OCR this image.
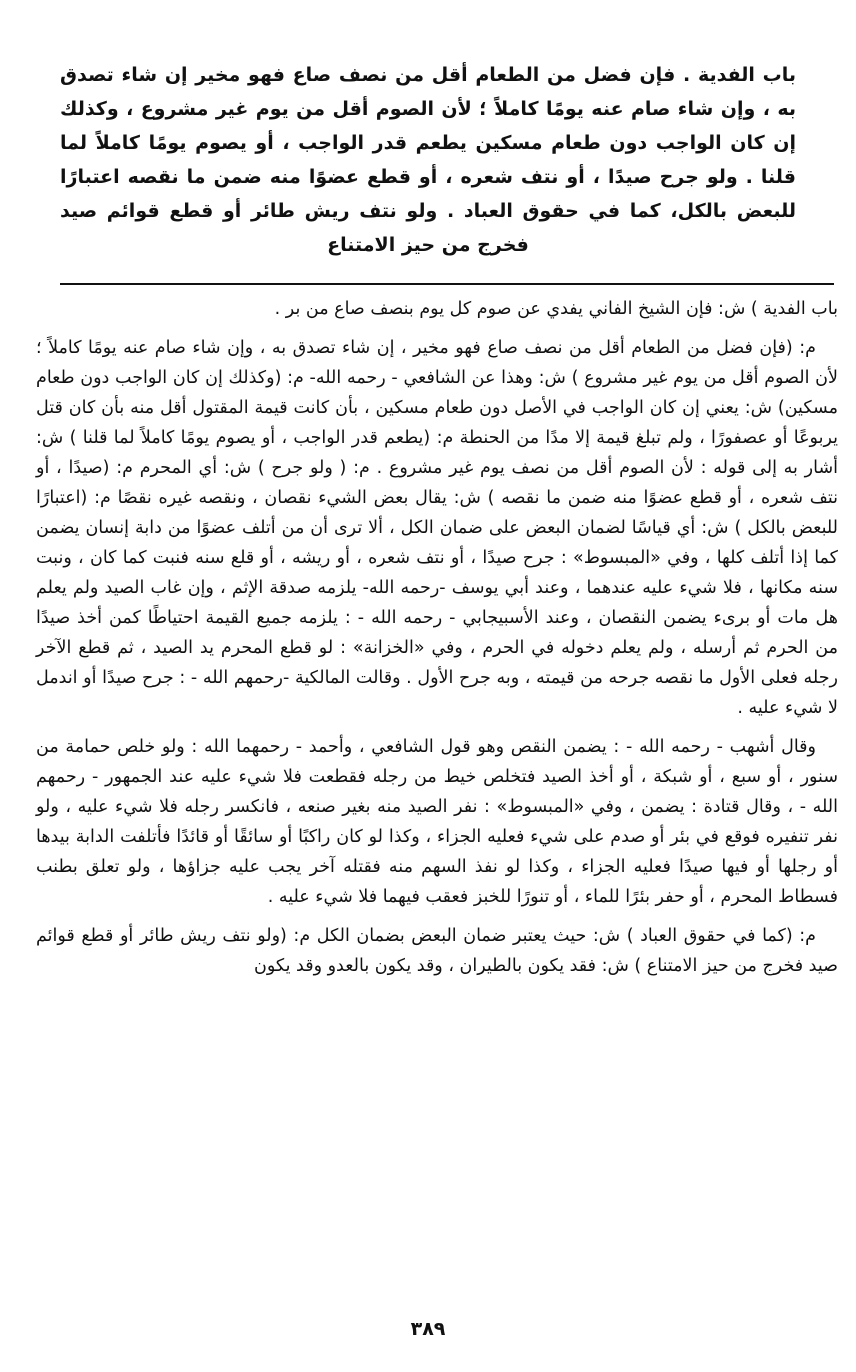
باب الفدية . فإن فضل من الطعام أقل من نصف صاع فهو مخير إن شاء تصدق به ، وإن شاء صام عنه يومًا كاملاً ؛ لأن الصوم أقل من يوم غير مشروع ، وكذلك إن كان الواجب دون طعام مسكين يطعم قدر الواجب ، أو يصوم يومًا كاملاً لما قلنا . ولو جرح صيدًا ، أو نتف شعره ، أو قطع عضوًا منه ضمن ما نقصه اعتبارًا للبعض بالكل، كما في حقوق العباد . ولو نتف ريش طائر أو قطع قوائم صيد فخرج من حيز الامتناع

باب الفدية ) ش: فإن الشيخ الفاني يفدي عن صوم كل يوم بنصف صاع من بر .

م: (فإن فضل من الطعام أقل من نصف صاع فهو مخير ، إن شاء تصدق به ، وإن شاء صام عنه يومًا كاملاً ؛ لأن الصوم أقل من يوم غير مشروع ) ش: وهذا عن الشافعي - رحمه الله- م: (وكذلك إن كان الواجب دون طعام مسكين) ش: يعني إن كان الواجب في الأصل دون طعام مسكين ، بأن كانت قيمة المقتول أقل منه بأن كان قتل يربوعًا أو عصفورًا ، ولم تبلغ قيمة إلا مدًا من الحنطة م: (يطعم قدر الواجب ، أو يصوم يومًا كاملاً لما قلنا ) ش: أشار به إلى قوله : لأن الصوم أقل من نصف يوم غير مشروع . م: ( ولو جرح ) ش: أي المحرم م: (صيدًا ، أو نتف شعره ، أو قطع عضوًا منه ضمن ما نقصه ) ش: يقال بعض الشيء نقصان ، ونقصه غيره نقصًا م: (اعتبارًا للبعض بالكل ) ش: أي قياسًا لضمان البعض على ضمان الكل ، ألا ترى أن من أتلف عضوًا من دابة إنسان يضمن كما إذا أتلف كلها ، وفي «المبسوط» : جرح صيدًا ، أو نتف شعره ، أو ريشه ، أو قلع سنه فنبت كما كان ، ونبت سنه مكانها ، فلا شيء عليه عندهما ، وعند أبي يوسف -رحمه الله- يلزمه صدقة الإثم ، وإن غاب الصيد ولم يعلم هل مات أو برىء يضمن النقصان ، وعند الأسبيجابي - رحمه الله - : يلزمه جميع القيمة احتياطًا كمن أخذ صيدًا من الحرم ثم أرسله ، ولم يعلم دخوله في الحرم ، وفي «الخزانة» : لو قطع المحرم يد الصيد ، ثم قطع الآخر رجله فعلى الأول ما نقصه جرحه من قيمته ، وبه جرح الأول . وقالت المالكية -رحمهم الله - : جرح صيدًا أو اندمل لا شيء عليه .

وقال أشهب - رحمه الله - : يضمن النقص وهو قول الشافعي ، وأحمد - رحمهما الله : ولو خلص حمامة من سنور ، أو سبع ، أو شبكة ، أو أخذ الصيد فتخلص خيط من رجله فقطعت فلا شيء عليه عند الجمهور - رحمهم الله - ، وقال قتادة : يضمن ، وفي «المبسوط» : نفر الصيد منه بغير صنعه ، فانكسر رجله فلا شيء عليه ، ولو نفر تنفيره فوقع في بئر أو صدم على شيء فعليه الجزاء ، وكذا لو كان راكبًا أو سائقًا أو قائدًا فأتلفت الدابة بيدها أو رجلها أو فيها صيدًا فعليه الجزاء ، وكذا لو نفذ السهم منه فقتله آخر يجب عليه جزاؤها ، ولو تعلق بطنب فسطاط المحرم ، أو حفر بئرًا للماء ، أو تنورًا للخبز فعقب فيهما فلا شيء عليه .

م: (كما في حقوق العباد ) ش: حيث يعتبر ضمان البعض بضمان الكل م: (ولو نتف ريش طائر أو قطع قوائم صيد فخرج من حيز الامتناع ) ش: فقد يكون بالطيران ، وقد يكون بالعدو وقد يكون

٣٨٩
